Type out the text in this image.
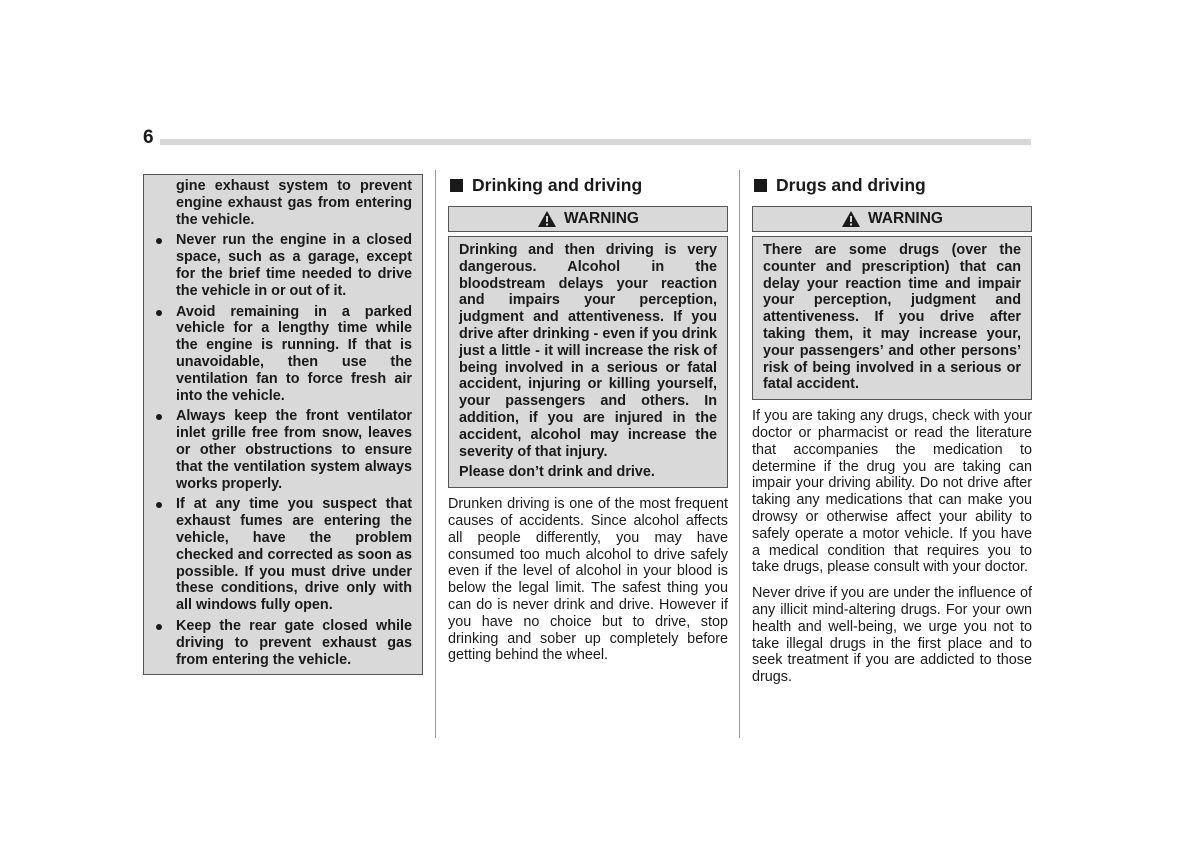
6
gine exhaust system to prevent engine exhaust gas from entering the vehicle.
Never run the engine in a closed space, such as a garage, except for the brief time needed to drive the vehicle in or out of it.
Avoid remaining in a parked vehicle for a lengthy time while the engine is running. If that is unavoidable, then use the ventilation fan to force fresh air into the vehicle.
Always keep the front ventilator inlet grille free from snow, leaves or other obstructions to ensure that the ventilation system always works properly.
If at any time you suspect that exhaust fumes are entering the vehicle, have the problem checked and corrected as soon as possible. If you must drive under these conditions, drive only with all windows fully open.
Keep the rear gate closed while driving to prevent exhaust gas from entering the vehicle.
Drinking and driving
WARNING

Drinking and then driving is very dangerous. Alcohol in the bloodstream delays your reaction and impairs your perception, judgment and attentiveness. If you drive after drinking - even if you drink just a little - it will increase the risk of being involved in a serious or fatal accident, injuring or killing yourself, your passengers and others. In addition, if you are injured in the accident, alcohol may increase the severity of that injury.

Please don’t drink and drive.

Drunken driving is one of the most frequent causes of accidents. Since alcohol affects all people differently, you may have consumed too much alcohol to drive safely even if the level of alcohol in your blood is below the legal limit. The safest thing you can do is never drink and drive. However if you have no choice but to drive, stop drinking and sober up completely before getting behind the wheel.

Drugs and driving
WARNING

There are some drugs (over the counter and prescription) that can delay your reaction time and impair your perception, judgment and attentiveness. If you drive after taking them, it may increase your, your passengers’ and other persons’ risk of being involved in a serious or fatal accident.

If you are taking any drugs, check with your doctor or pharmacist or read the literature that accompanies the medication to determine if the drug you are taking can impair your driving ability. Do not drive after taking any medications that can make you drowsy or otherwise affect your ability to safely operate a motor vehicle. If you have a medical condition that requires you to take drugs, please consult with your doctor.

Never drive if you are under the influence of any illicit mind-altering drugs. For your own health and well-being, we urge you not to take illegal drugs in the first place and to seek treatment if you are addicted to those drugs.
